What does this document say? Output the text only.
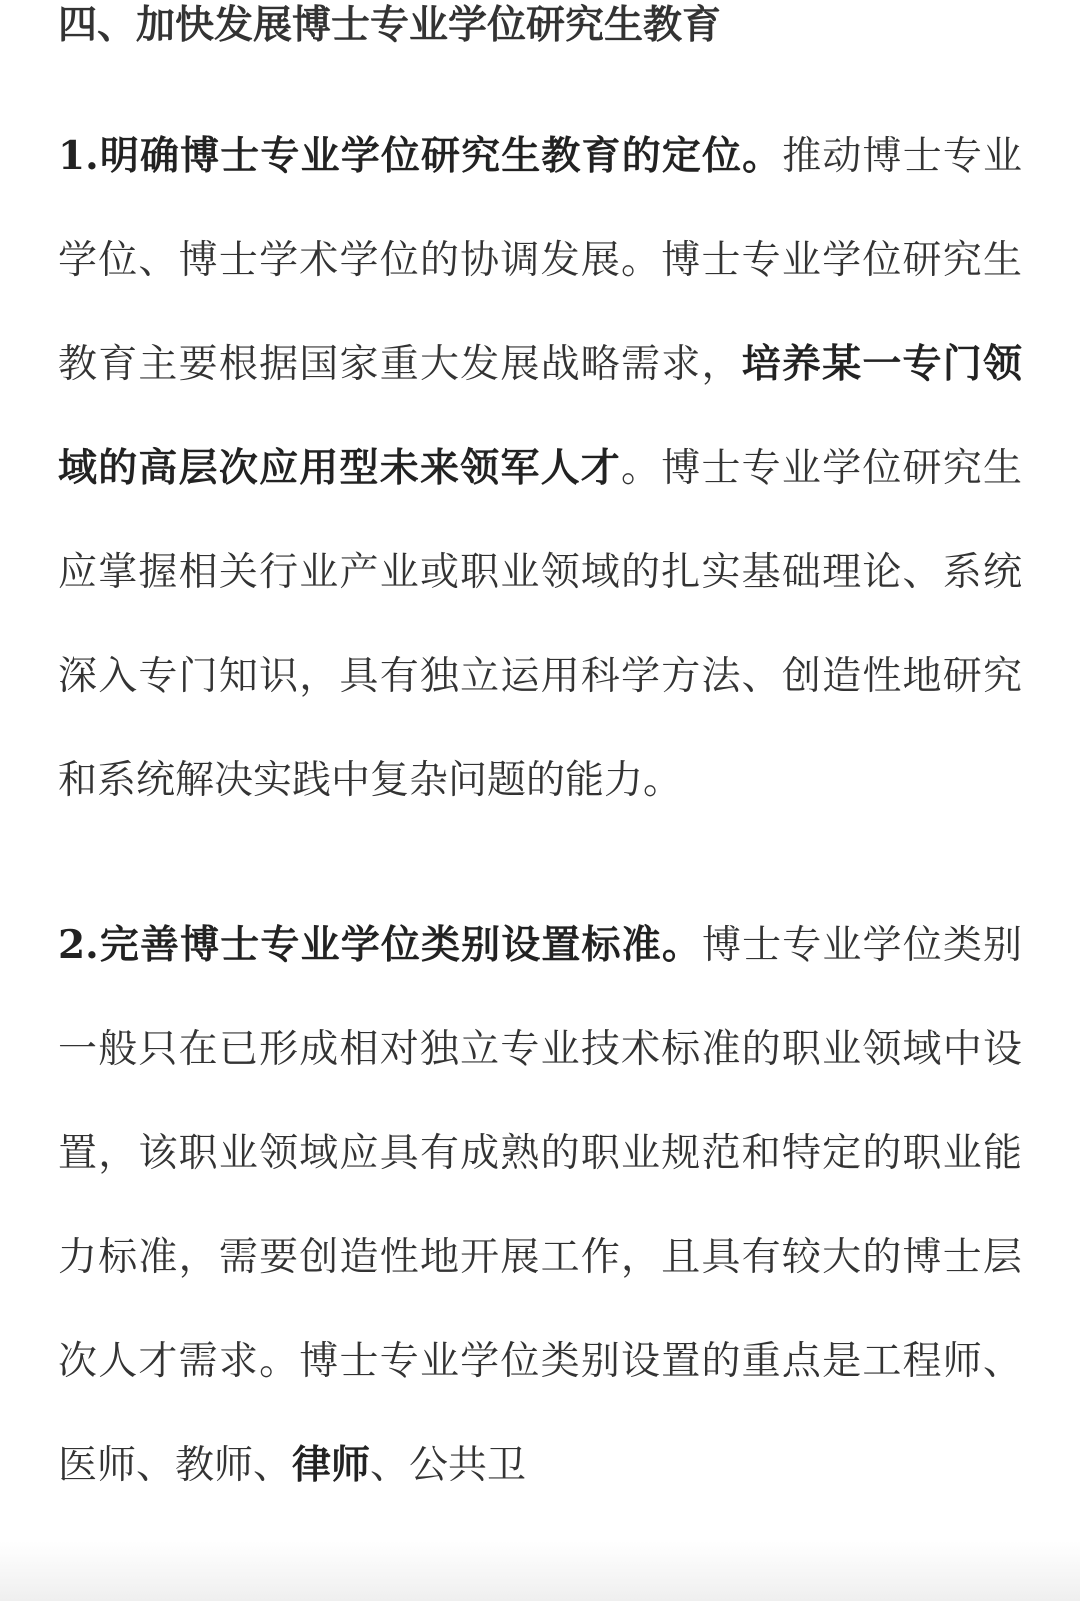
四、加快发展博士专业学位研究生教育

1.明确博士专业学位研究生教育的定位。推动博士专业学位、博士学术学位的协调发展。博士专业学位研究生教育主要根据国家重大发展战略需求，培养某一专门领域的高层次应用型未来领军人才。博士专业学位研究生应掌握相关行业产业或职业领域的扎实基础理论、系统深入专门知识，具有独立运用科学方法、创造性地研究和系统解决实践中复杂问题的能力。

2.完善博士专业学位类别设置标准。博士专业学位类别一般只在已形成相对独立专业技术标准的职业领域中设置，该职业领域应具有成熟的职业规范和特定的职业能力标准，需要创造性地开展工作，且具有较大的博士层次人才需求。博士专业学位类别设置的重点是工程师、医师、教师、律师、公共卫
